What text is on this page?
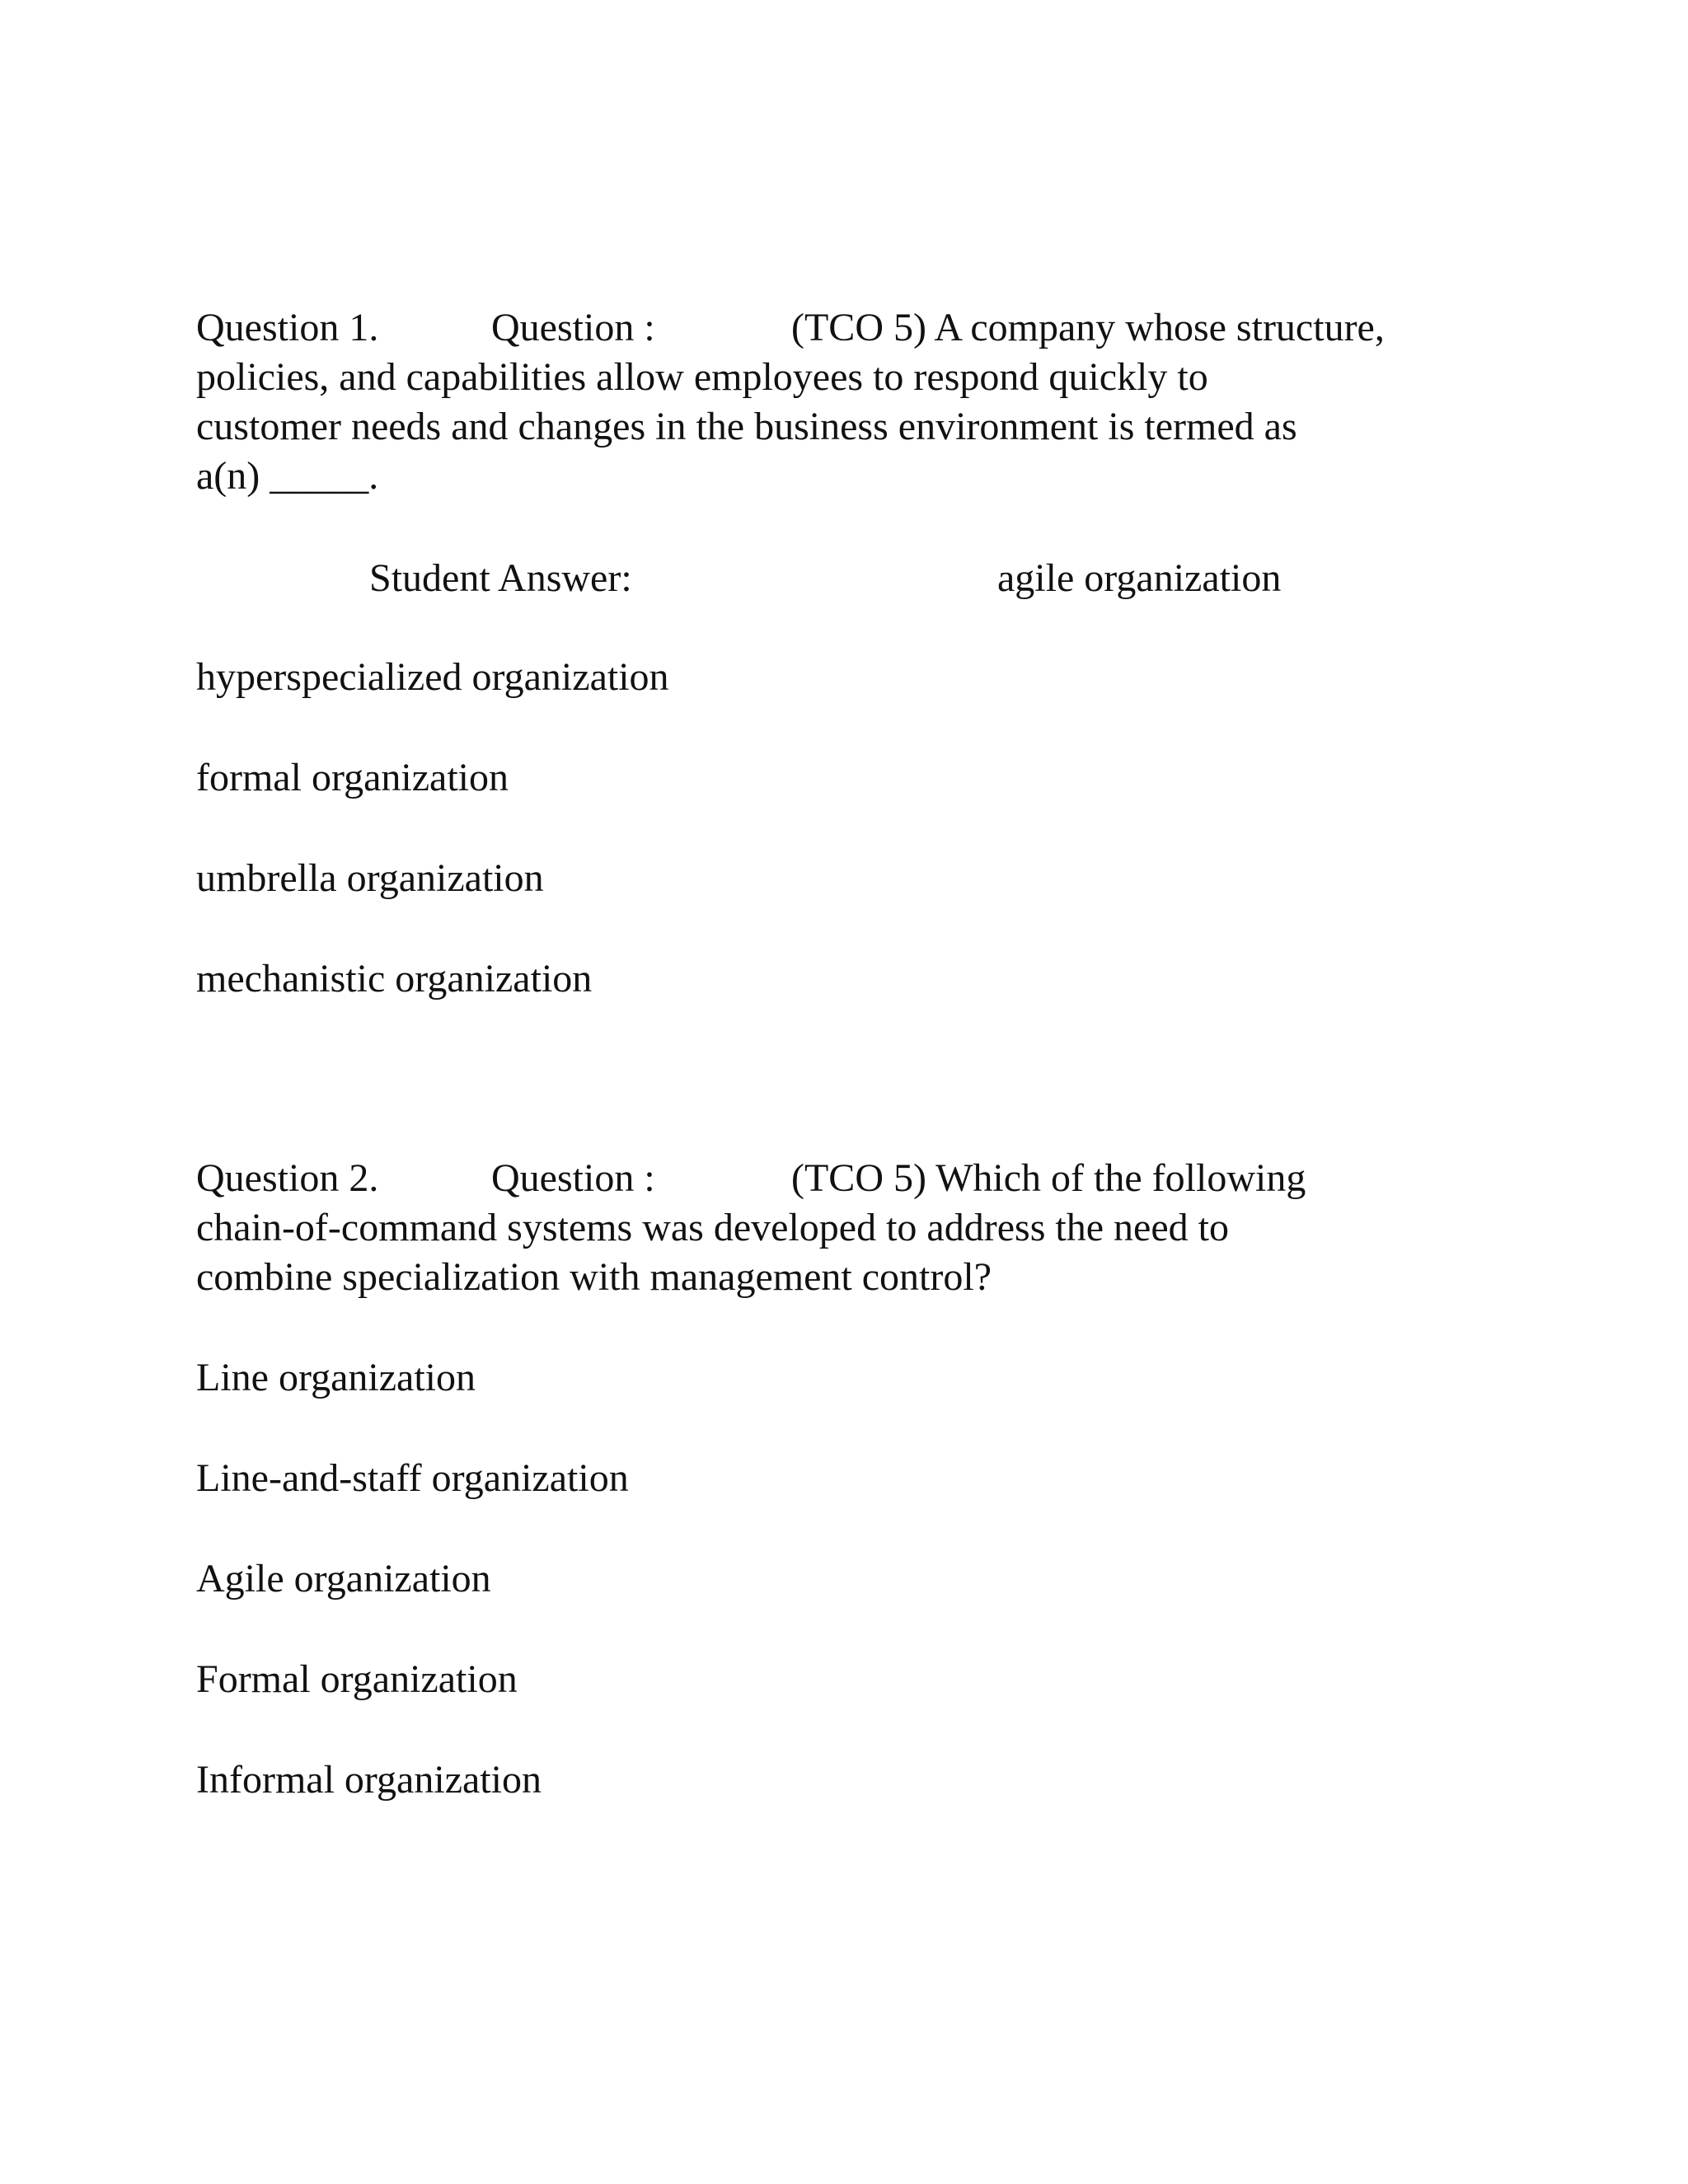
Question 1.	Question :	(TCO 5) A company whose structure,
policies, and capabilities allow employees to respond quickly to
customer needs and changes in the business environment is termed as
a(n) _____.
Student Answer:	agile organization
hyperspecialized organization
formal organization
umbrella organization
mechanistic organization
Question 2.	Question :	(TCO 5) Which of the following
chain-of-command systems was developed to address the need to
combine specialization with management control?
Line organization
Line-and-staff organization
Agile organization
Formal organization
Informal organization
